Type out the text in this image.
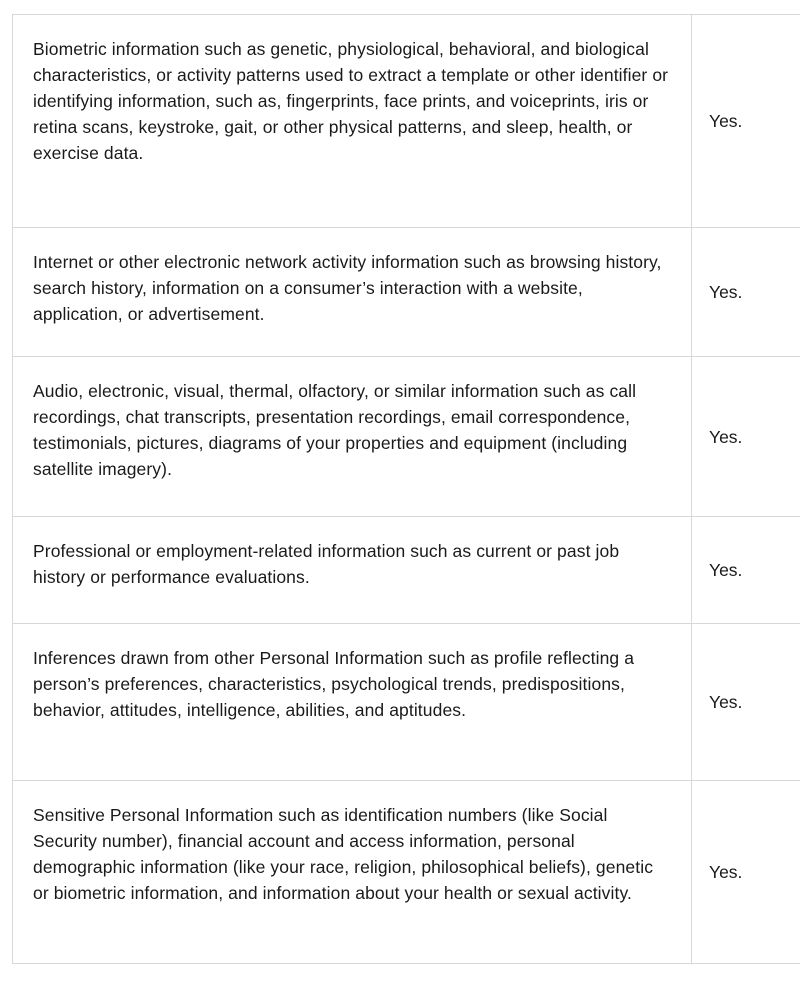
Biometric information such as genetic, physiological, behavioral, and biological characteristics, or activity patterns used to extract a template or other identifier or identifying information, such as, fingerprints, face prints, and voiceprints, iris or retina scans, keystroke, gait, or other physical patterns, and sleep, health, or exercise data.	Yes.
Internet or other electronic network activity information such as browsing history, search history, information on a consumer’s interaction with a website, application, or advertisement.	Yes.
Audio, electronic, visual, thermal, olfactory, or similar information such as call recordings, chat transcripts, presentation recordings, email correspondence, testimonials, pictures, diagrams of your properties and equipment (including satellite imagery).	Yes.
Professional or employment-related information such as current or past job history or performance evaluations.	Yes.
Inferences drawn from other Personal Information such as profile reflecting a person’s preferences, characteristics, psychological trends, predispositions, behavior, attitudes, intelligence, abilities, and aptitudes.	Yes.
Sensitive Personal Information such as identification numbers (like Social Security number), financial account and access information, personal demographic information (like your race, religion, philosophical beliefs), genetic or biometric information, and information about your health or sexual activity.	Yes.
